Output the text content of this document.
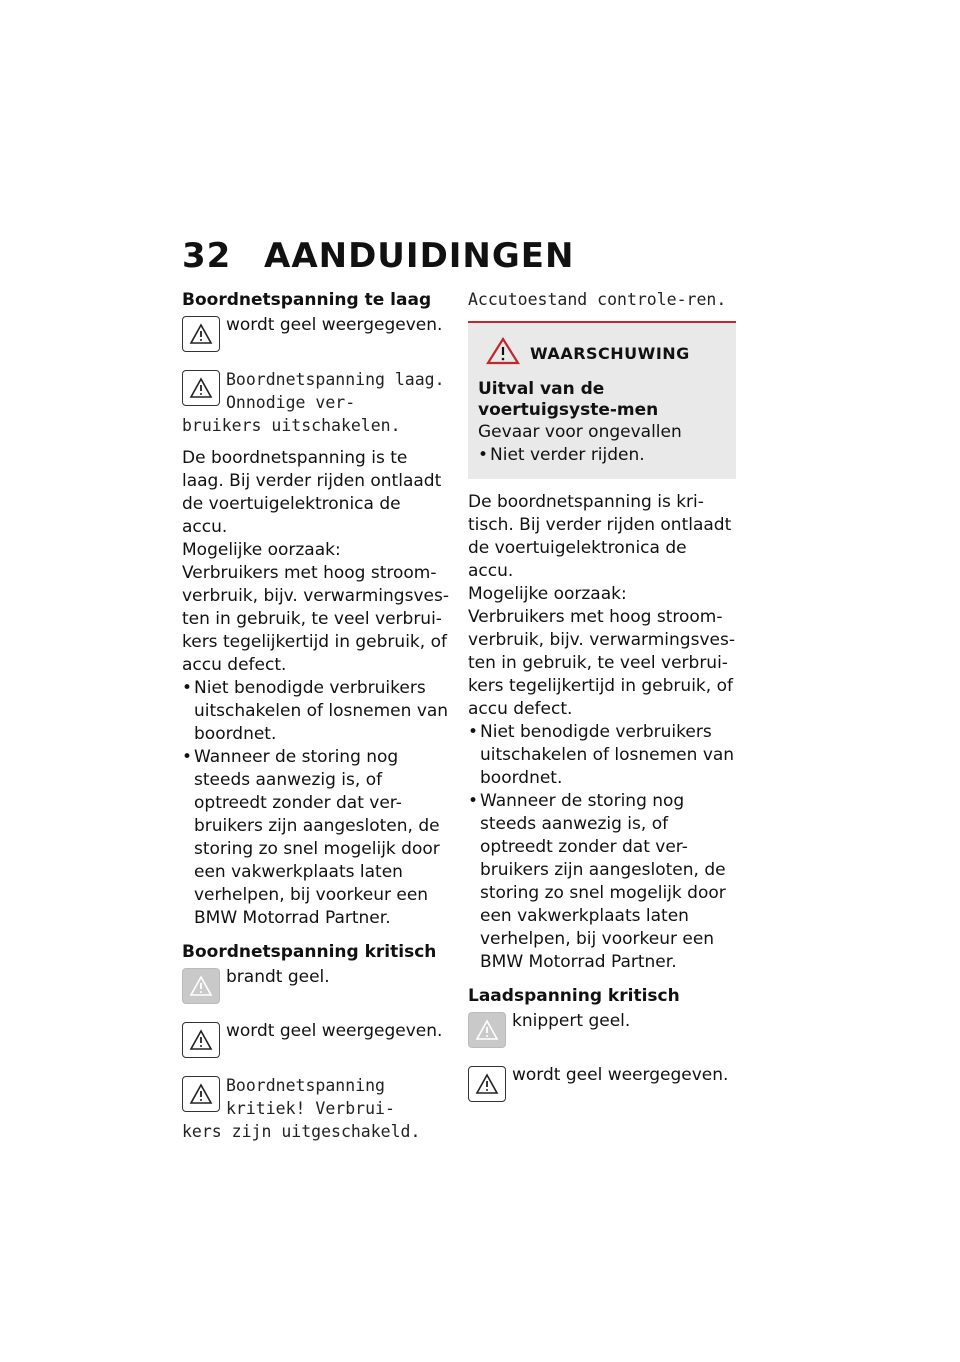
32 AANDUIDINGEN
Boordnetspanning te laag
wordt geel weergegeven.
Boordnetspanning laag. Onnodige ver-
bruikers uitschakelen.

De boordnetspanning is te laag. Bij verder rijden ontlaadt de voertuigelektronica de accu.

Mogelijke oorzaak:

Verbruikers met hoog stroom-verbruik, bijv. verwarmingsves-ten in gebruik, te veel verbrui-kers tegelijkertijd in gebruik, of accu defect.

• Niet benodigde verbruikers uitschakelen of losnemen van boordnet.
• Wanneer de storing nog steeds aanwezig is, of optreedt zonder dat ver-bruikers zijn aangesloten, de storing zo snel mogelijk door een vakwerkplaats laten verhelpen, bij voorkeur een BMW Motorrad Partner.
Boordnetspanning kritisch
brandt geel.
wordt geel weergegeven.
Boordnetspanning kritiek! Verbrui-
kers zijn uitgeschakeld.

Accutoestand controle-ren.

WAARSCHUWING

Uitval van de voertuigsyste-men

Gevaar voor ongevallen

• Niet verder rijden.

De boordnetspanning is kri-tisch. Bij verder rijden ontlaadt de voertuigelektronica de accu.

Mogelijke oorzaak:

Verbruikers met hoog stroom-verbruik, bijv. verwarmingsves-ten in gebruik, te veel verbrui-kers tegelijkertijd in gebruik, of accu defect.

• Niet benodigde verbruikers uitschakelen of losnemen van boordnet.
• Wanneer de storing nog steeds aanwezig is, of optreedt zonder dat ver-bruikers zijn aangesloten, de storing zo snel mogelijk door een vakwerkplaats laten verhelpen, bij voorkeur een BMW Motorrad Partner.
Laadspanning kritisch
knippert geel.
wordt geel weergegeven.
